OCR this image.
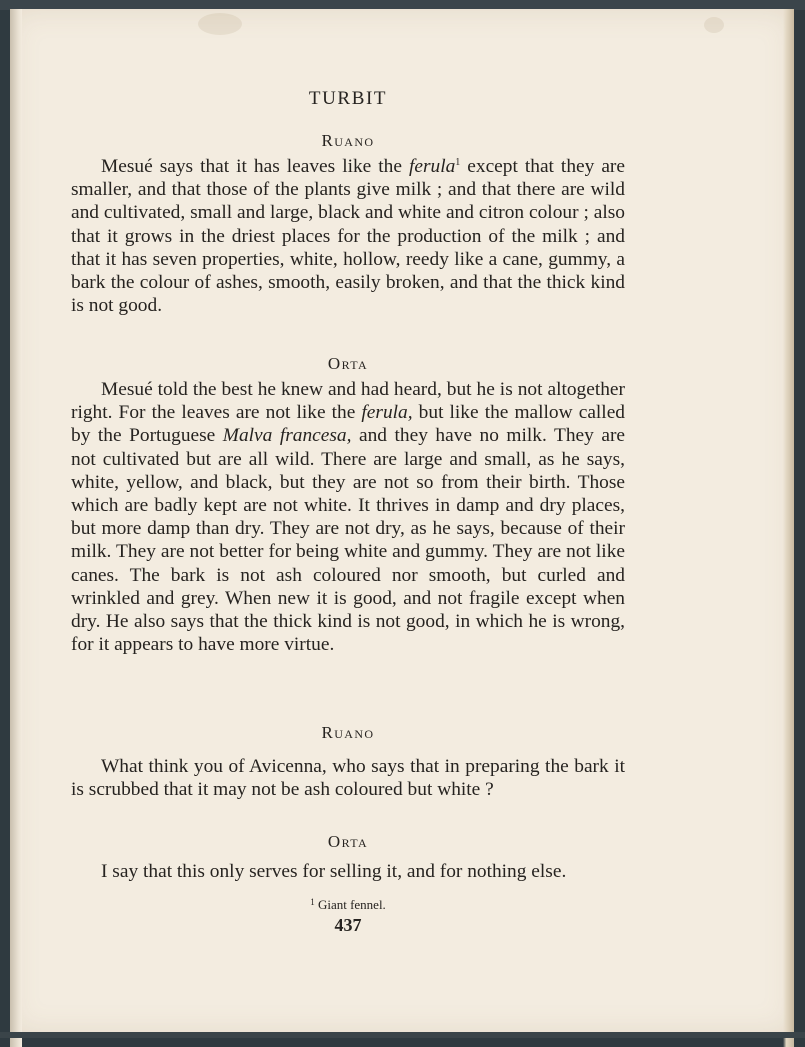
TURBIT
Ruano
Mesué says that it has leaves like the ferula$^1$ except that they are smaller, and that those of the plants give milk ; and that there are wild and cultivated, small and large, black and white and citron colour ; also that it grows in the driest places for the production of the milk ; and that it has seven properties, white, hollow, reedy like a cane, gummy, a bark the colour of ashes, smooth, easily broken, and that the thick kind is not good.
Orta
Mesué told the best he knew and had heard, but he is not altogether right. For the leaves are not like the ferula, but like the mallow called by the Portuguese Malva francesa, and they have no milk. They are not cultivated but are all wild. There are large and small, as he says, white, yellow, and black, but they are not so from their birth. Those which are badly kept are not white. It thrives in damp and dry places, but more damp than dry. They are not dry, as he says, because of their milk. They are not better for being white and gummy. They are not like canes. The bark is not ash coloured nor smooth, but curled and wrinkled and grey. When new it is good, and not fragile except when dry. He also says that the thick kind is not good, in which he is wrong, for it appears to have more virtue.
Ruano
What think you of Avicenna, who says that in preparing the bark it is scrubbed that it may not be ash coloured but white ?
Orta
I say that this only serves for selling it, and for nothing else.
$^1$ Giant fennel.
437
